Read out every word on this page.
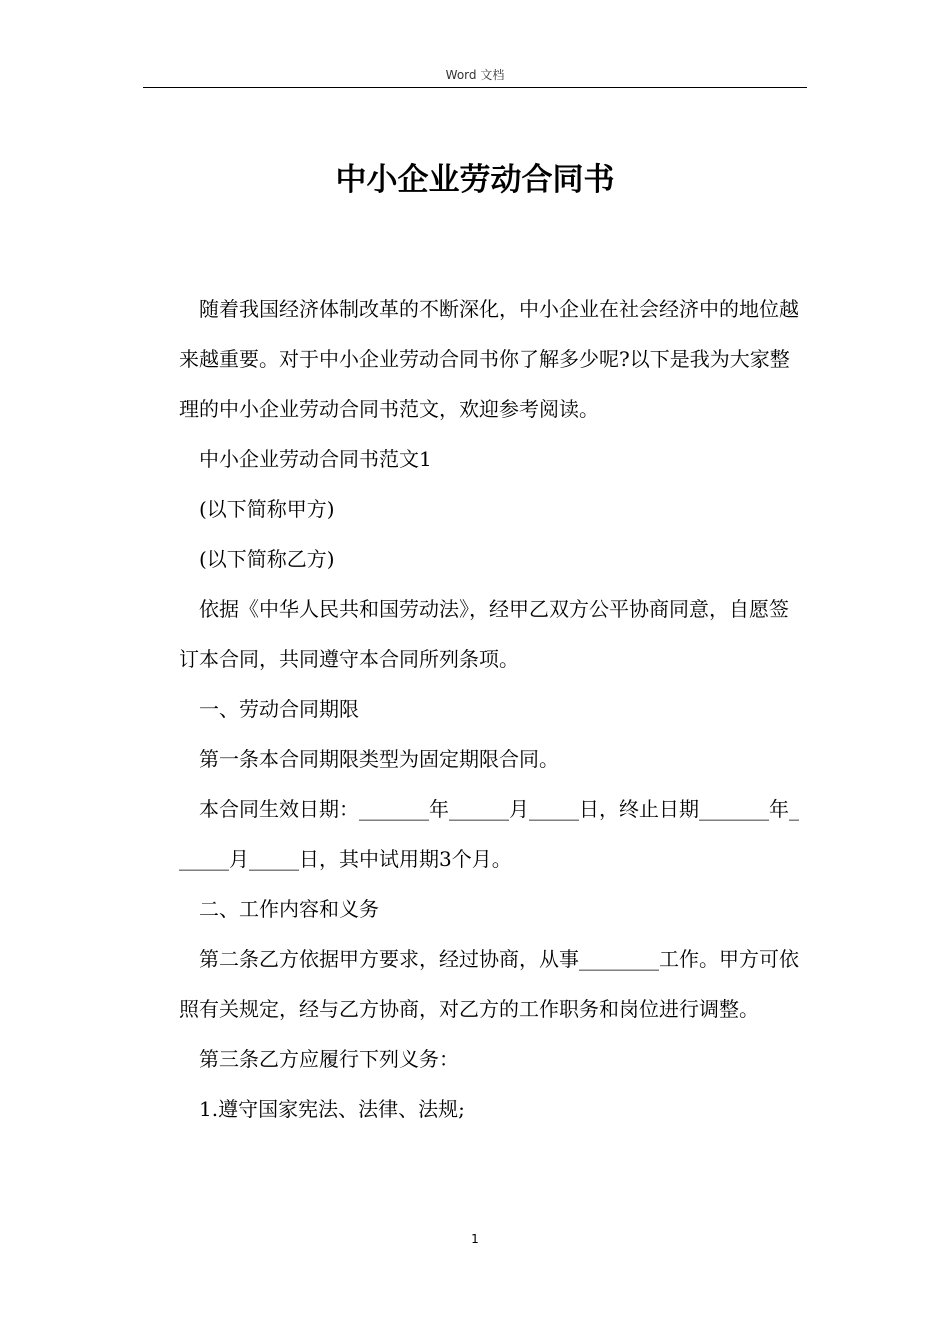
Word 文档
中小企业劳动合同书

随着我国经济体制改革的不断深化，中小企业在社会经济中的地位越来越重要。对于中小企业劳动合同书你了解多少呢?以下是我为大家整理的中小企业劳动合同书范文，欢迎参考阅读。

中小企业劳动合同书范文1

(以下简称甲方)

(以下简称乙方)

依据《中华人民共和国劳动法》，经甲乙双方公平协商同意，自愿签订本合同，共同遵守本合同所列条项。

一、劳动合同期限

第一条本合同期限类型为固定期限合同。

本合同生效日期：_______年______月_____日，终止日期_______年______月_____日，其中试用期3个月。

二、工作内容和义务

第二条乙方依据甲方要求，经过协商，从事________工作。甲方可依照有关规定，经与乙方协商，对乙方的工作职务和岗位进行调整。

第三条乙方应履行下列义务：

1.遵守国家宪法、法律、法规;

1
